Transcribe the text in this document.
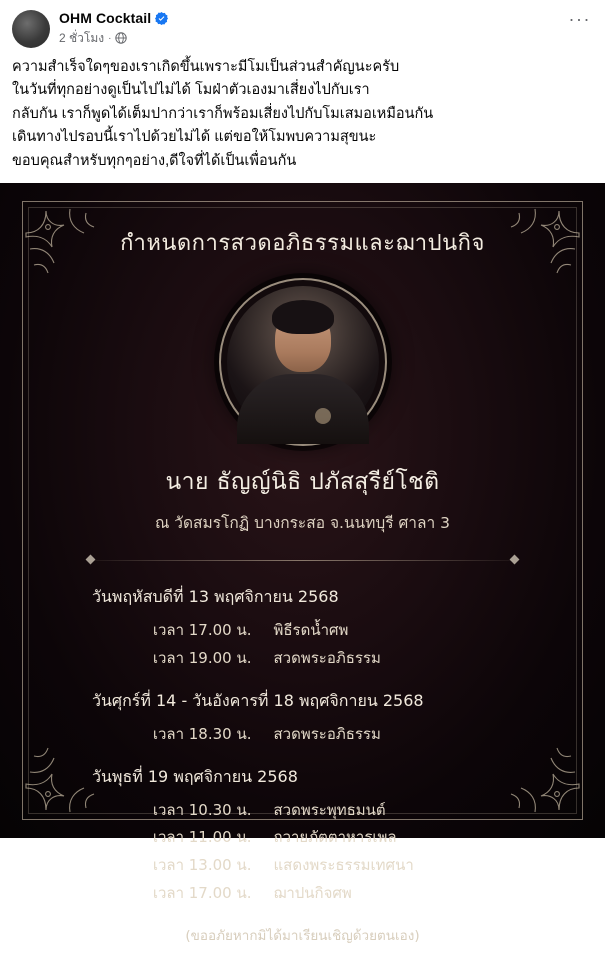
OHM Cocktail
2 ชั่วโมง ·
···
ความสำเร็จใดๆของเราเกิดขึ้นเพราะมีโมเป็นส่วนสำคัญนะครับ
ในวันที่ทุกอย่างดูเป็นไปไม่ได้ โมฝ่าตัวเองมาเสี่ยงไปกับเรา
กลับกัน เราก็พูดได้เต็มปากว่าเราก็พร้อมเสี่ยงไปกับโมเสมอเหมือนกัน
เดินทางไปรอบนี้เราไปด้วยไม่ได้ แต่ขอให้โมพบความสุขนะ
ขอบคุณสำหรับทุกๆอย่าง,ดีใจที่ได้เป็นเพื่อนกัน
กำหนดการสวดอภิธรรมและฌาปนกิจ
นาย ธัญญ์นิธิ ปภัสสุรีย์โชติ
ณ วัดสมรโกฏิ บางกระสอ จ.นนทบุรี ศาลา 3
วันพฤหัสบดีที่ 13 พฤศจิกายน 2568
เวลา 17.00 น.	พิธีรดน้ำศพ
เวลา 19.00 น.	สวดพระอภิธรรม
วันศุกร์ที่ 14 - วันอังคารที่ 18 พฤศจิกายน 2568
เวลา 18.30 น.	สวดพระอภิธรรม
วันพุธที่ 19 พฤศจิกายน 2568
เวลา 10.30 น.	สวดพระพุทธมนต์
เวลา 11.00 น.	ถวายภัตตาหารเพล
เวลา 13.00 น.	แสดงพระธรรมเทศนา
เวลา 17.00 น.	ฌาปนกิจศพ
(ขออภัยหากมิได้มาเรียนเชิญด้วยตนเอง)
